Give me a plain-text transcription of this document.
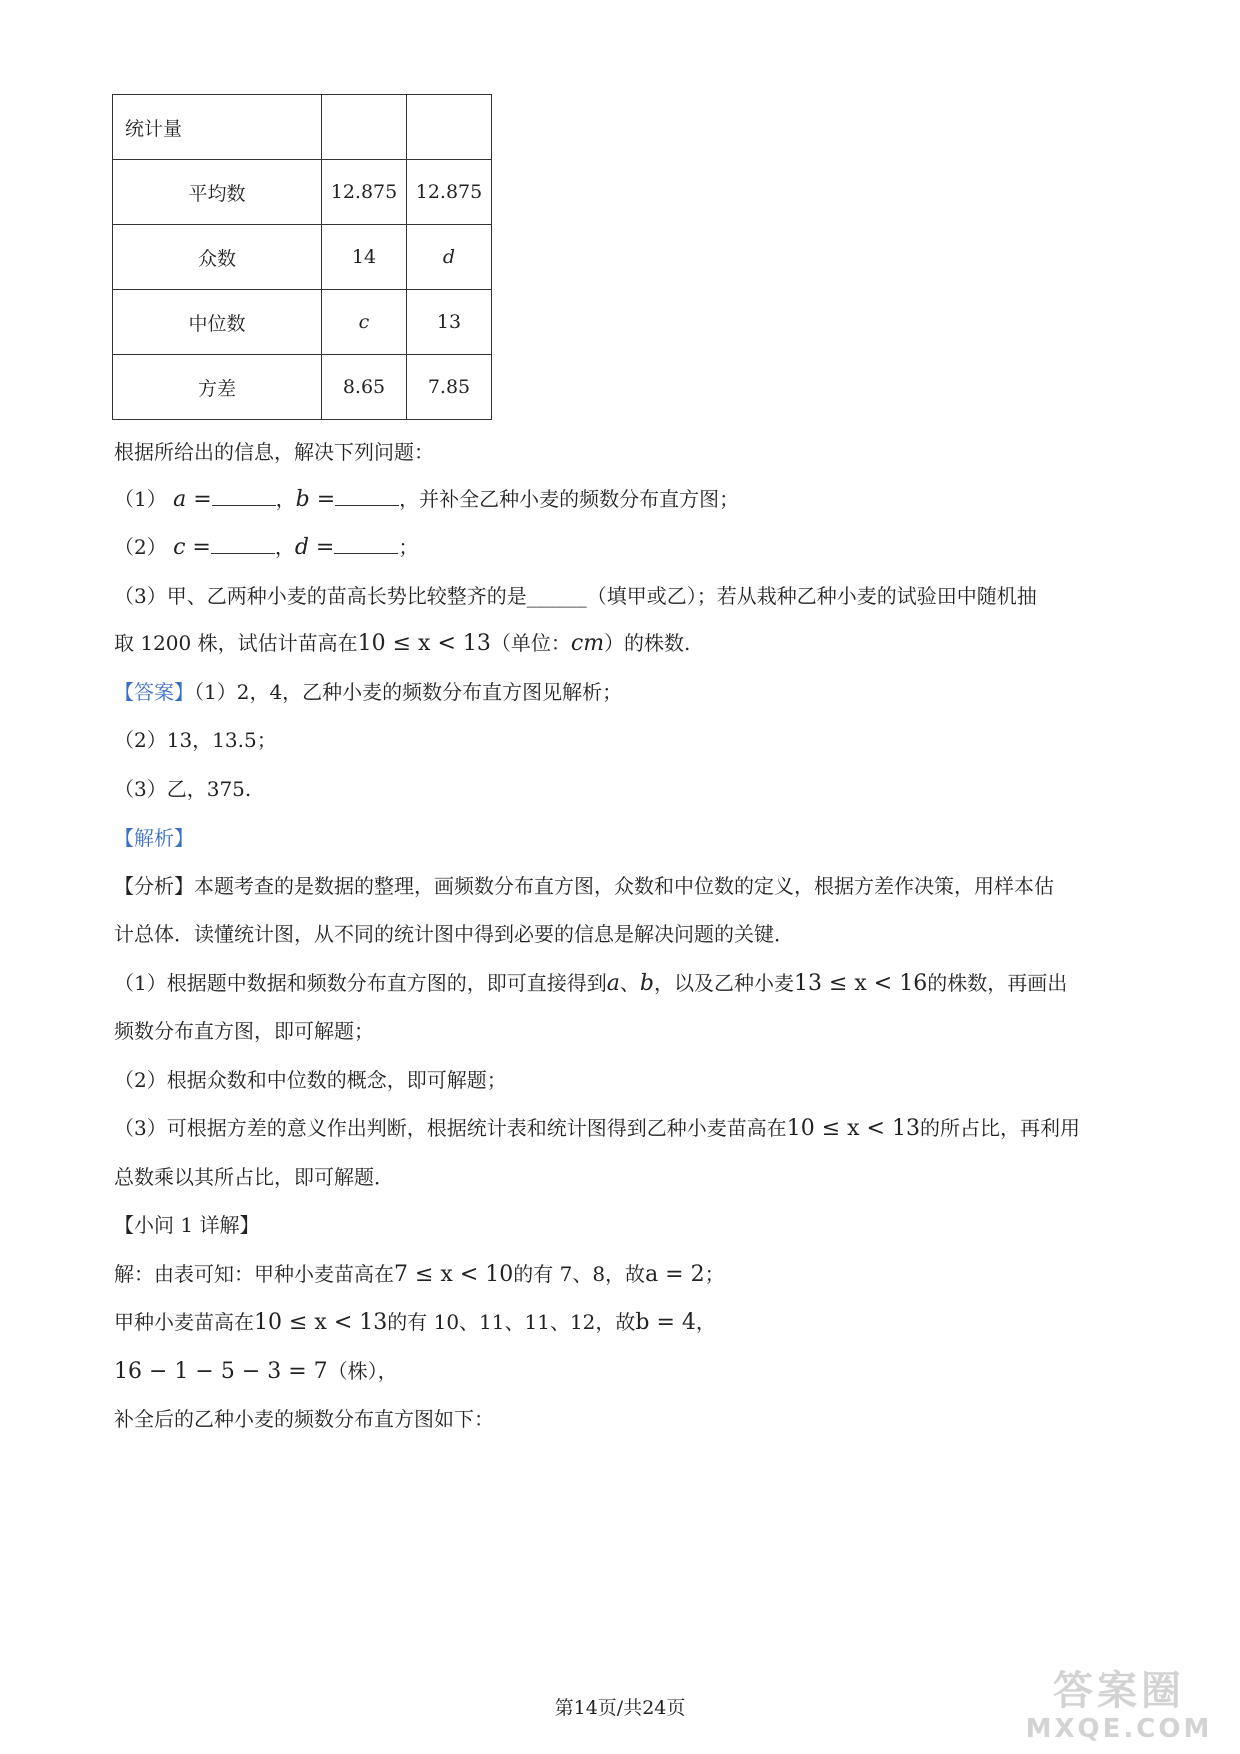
统计量		
平均数	12.875	12.875
众数	14	d
中位数	c	13
方差	8.65	7.85
根据所给出的信息，解决下列问题：
（1） a =	，b =	，并补全乙种小麦的频数分布直方图；
（2） c =	，d =	；
（3）甲、乙两种小麦的苗高长势比较整齐的是______（填甲或乙）；若从栽种乙种小麦的试验田中随机抽
取 1200 株，试估计苗高在10 ≤ x < 13（单位：cm）的株数.
【答案】（1）2，4，乙种小麦的频数分布直方图见解析；
（2）13，13.5；
（3）乙，375.
【解析】
【分析】本题考查的是数据的整理，画频数分布直方图，众数和中位数的定义，根据方差作决策，用样本估
计总体．读懂统计图，从不同的统计图中得到必要的信息是解决问题的关键．
（1）根据题中数据和频数分布直方图的，即可直接得到a、b，以及乙种小麦13 ≤ x < 16的株数，再画出
频数分布直方图，即可解题；
（2）根据众数和中位数的概念，即可解题；
（3）可根据方差的意义作出判断，根据统计表和统计图得到乙种小麦苗高在10 ≤ x < 13的所占比，再利用
总数乘以其所占比，即可解题．
【小问 1 详解】
解：由表可知：甲种小麦苗高在7 ≤ x < 10的有 7、8，故a = 2；
甲种小麦苗高在10 ≤ x < 13的有 10、11、11、12，故b = 4，
16 − 1 − 5 − 3 = 7（株），
补全后的乙种小麦的频数分布直方图如下：
第14页/共24页	答案圈
MXQE.COM
